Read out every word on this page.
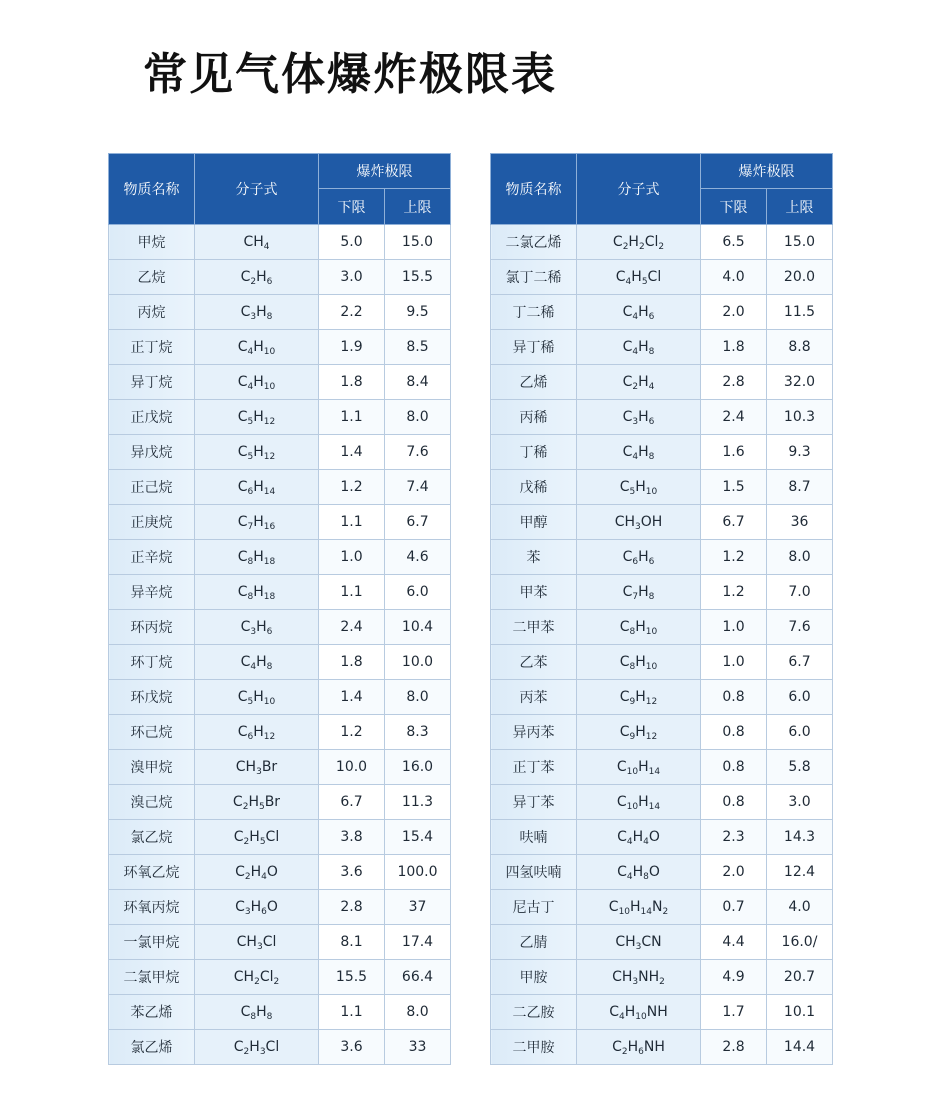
常见气体爆炸极限表
物质名称	分子式	爆炸极限	
		下限	上限
甲烷	$CH_4$	5.0	15.0
乙烷	$C_2H_6$	3.0	15.5
丙烷	$C_3H_8$	2.2	9.5
正丁烷	$C_4H_{10}$	1.9	8.5
异丁烷	$C_4H_{10}$	1.8	8.4
正戊烷	$C_5H_{12}$	1.1	8.0
异戊烷	$C_5H_{12}$	1.4	7.6
正己烷	$C_6H_{14}$	1.2	7.4
正庚烷	$C_7H_{16}$	1.1	6.7
正辛烷	$C_8H_{18}$	1.0	4.6
异辛烷	$C_8H_{18}$	1.1	6.0
环丙烷	$C_3H_6$	2.4	10.4
环丁烷	$C_4H_8$	1.8	10.0
环戊烷	$C_5H_{10}$	1.4	8.0
环己烷	$C_6H_{12}$	1.2	8.3
溴甲烷	$CH_3Br$	10.0	16.0
溴己烷	$C_2H_5Br$	6.7	11.3
氯乙烷	$C_2H_5Cl$	3.8	15.4
环氧乙烷	$C_2H_4O$	3.6	100.0
环氧丙烷	$C_3H_6O$	2.8	37
一氯甲烷	$CH_3Cl$	8.1	17.4
二氯甲烷	$CH_2Cl_2$	15.5	66.4
苯乙烯	$C_8H_8$	1.1	8.0
氯乙烯	$C_2H_3Cl$	3.6	33
物质名称	分子式	爆炸极限	
		下限	上限
二氯乙烯	$C_2H_2Cl_2$	6.5	15.0
氯丁二稀	$C_4H_5Cl$	4.0	20.0
丁二稀	$C_4H_6$	2.0	11.5
异丁稀	$C_4H_8$	1.8	8.8
乙烯	$C_2H_4$	2.8	32.0
丙稀	$C_3H_6$	2.4	10.3
丁稀	$C_4H_8$	1.6	9.3
戊稀	$C_5H_{10}$	1.5	8.7
甲醇	$CH_3OH$	6.7	36
苯	$C_6H_6$	1.2	8.0
甲苯	$C_7H_8$	1.2	7.0
二甲苯	$C_8H_{10}$	1.0	7.6
乙苯	$C_8H_{10}$	1.0	6.7
丙苯	$C_9H_{12}$	0.8	6.0
异丙苯	$C_9H_{12}$	0.8	6.0
正丁苯	$C_{10}H_{14}$	0.8	5.8
异丁苯	$C_{10}H_{14}$	0.8	3.0
呋喃	$C_4H_4O$	2.3	14.3
四氢呋喃	$C_4H_8O$	2.0	12.4
尼古丁	$C_{10}H_{14}N_2$	0.7	4.0
乙腈	$CH_3CN$	4.4	16.0/
甲胺	$CH_3NH_2$	4.9	20.7
二乙胺	$C_4H_{10}NH$	1.7	10.1
二甲胺	$C_2H_6NH$	2.8	14.4
